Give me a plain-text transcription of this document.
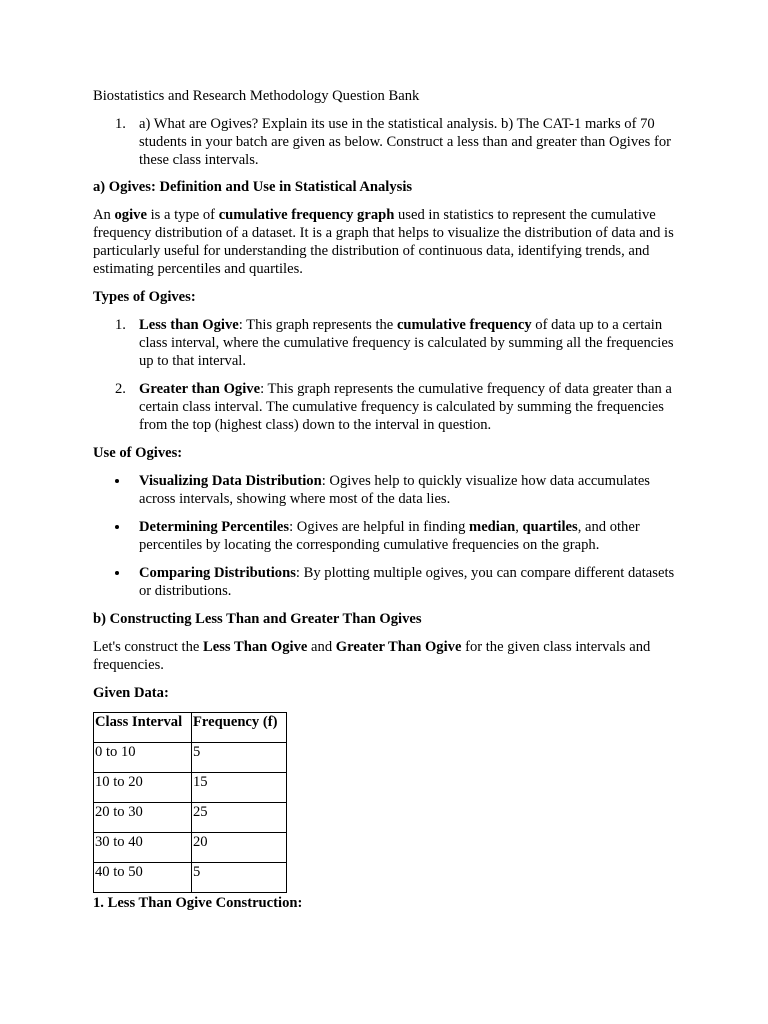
Biostatistics and Research Methodology Question Bank

1. a) What are Ogives? Explain its use in the statistical analysis. b) The CAT-1 marks of 70 students in your batch are given as below. Construct a less than and greater than Ogives for these class intervals.

a) Ogives: Definition and Use in Statistical Analysis

An ogive is a type of cumulative frequency graph used in statistics to represent the cumulative frequency distribution of a dataset. It is a graph that helps to visualize the distribution of data and is particularly useful for understanding the distribution of continuous data, identifying trends, and estimating percentiles and quartiles.

Types of Ogives:

1. Less than Ogive: This graph represents the cumulative frequency of data up to a certain class interval, where the cumulative frequency is calculated by summing all the frequencies up to that interval.
2. Greater than Ogive: This graph represents the cumulative frequency of data greater than a certain class interval. The cumulative frequency is calculated by summing the frequencies from the top (highest class) down to the interval in question.

Use of Ogives:

Visualizing Data Distribution: Ogives help to quickly visualize how data accumulates across intervals, showing where most of the data lies.
Determining Percentiles: Ogives are helpful in finding median, quartiles, and other percentiles by locating the corresponding cumulative frequencies on the graph.
Comparing Distributions: By plotting multiple ogives, you can compare different datasets or distributions.

b) Constructing Less Than and Greater Than Ogives

Let's construct the Less Than Ogive and Greater Than Ogive for the given class intervals and frequencies.

Given Data:

Class Interval	Frequency (f)
0 to 10	5
10 to 20	15
20 to 30	25
30 to 40	20
40 to 50	5

1. Less Than Ogive Construction:
